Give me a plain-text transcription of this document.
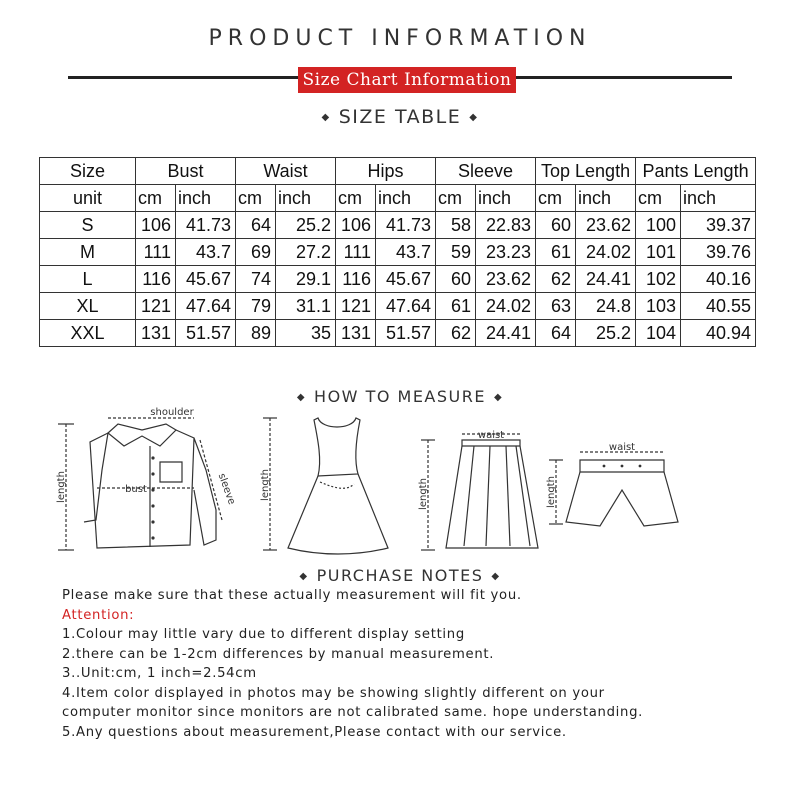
PRODUCT INFORMATION
Size Chart Information
◆ SIZE TABLE ◆
Size	Bust		Waist		Hips		Sleeve		Top Length		Pants Length	
unit	cm	inch	cm	inch	cm	inch	cm	inch	cm	inch	cm	inch
S	106	41.73	64	25.2	106	41.73	58	22.83	60	23.62	100	39.37
M	111	43.7	69	27.2	111	43.7	59	23.23	61	24.02	101	39.76
L	116	45.67	74	29.1	116	45.67	60	23.62	62	24.41	102	40.16
XL	121	47.64	79	31.1	121	47.64	61	24.02	63	24.8	103	40.55
XXL	131	51.57	89	35	131	51.57	62	24.41	64	25.2	104	40.94
◆ HOW TO MEASURE ◆
shoulder
bust	sleeve
length	length
waist
length
waist
length
◆ PURCHASE NOTES ◆
Please make sure that these actually measurement will fit you.
Attention:
1.Colour may little vary due to different display setting
2.there can be 1-2cm differences by manual measurement.
3..Unit:cm, 1 inch=2.54cm
4.Item color displayed in photos may be showing slightly different on your
computer monitor since monitors are not calibrated same. hope understanding.
5.Any questions about measurement,Please contact with our service.
